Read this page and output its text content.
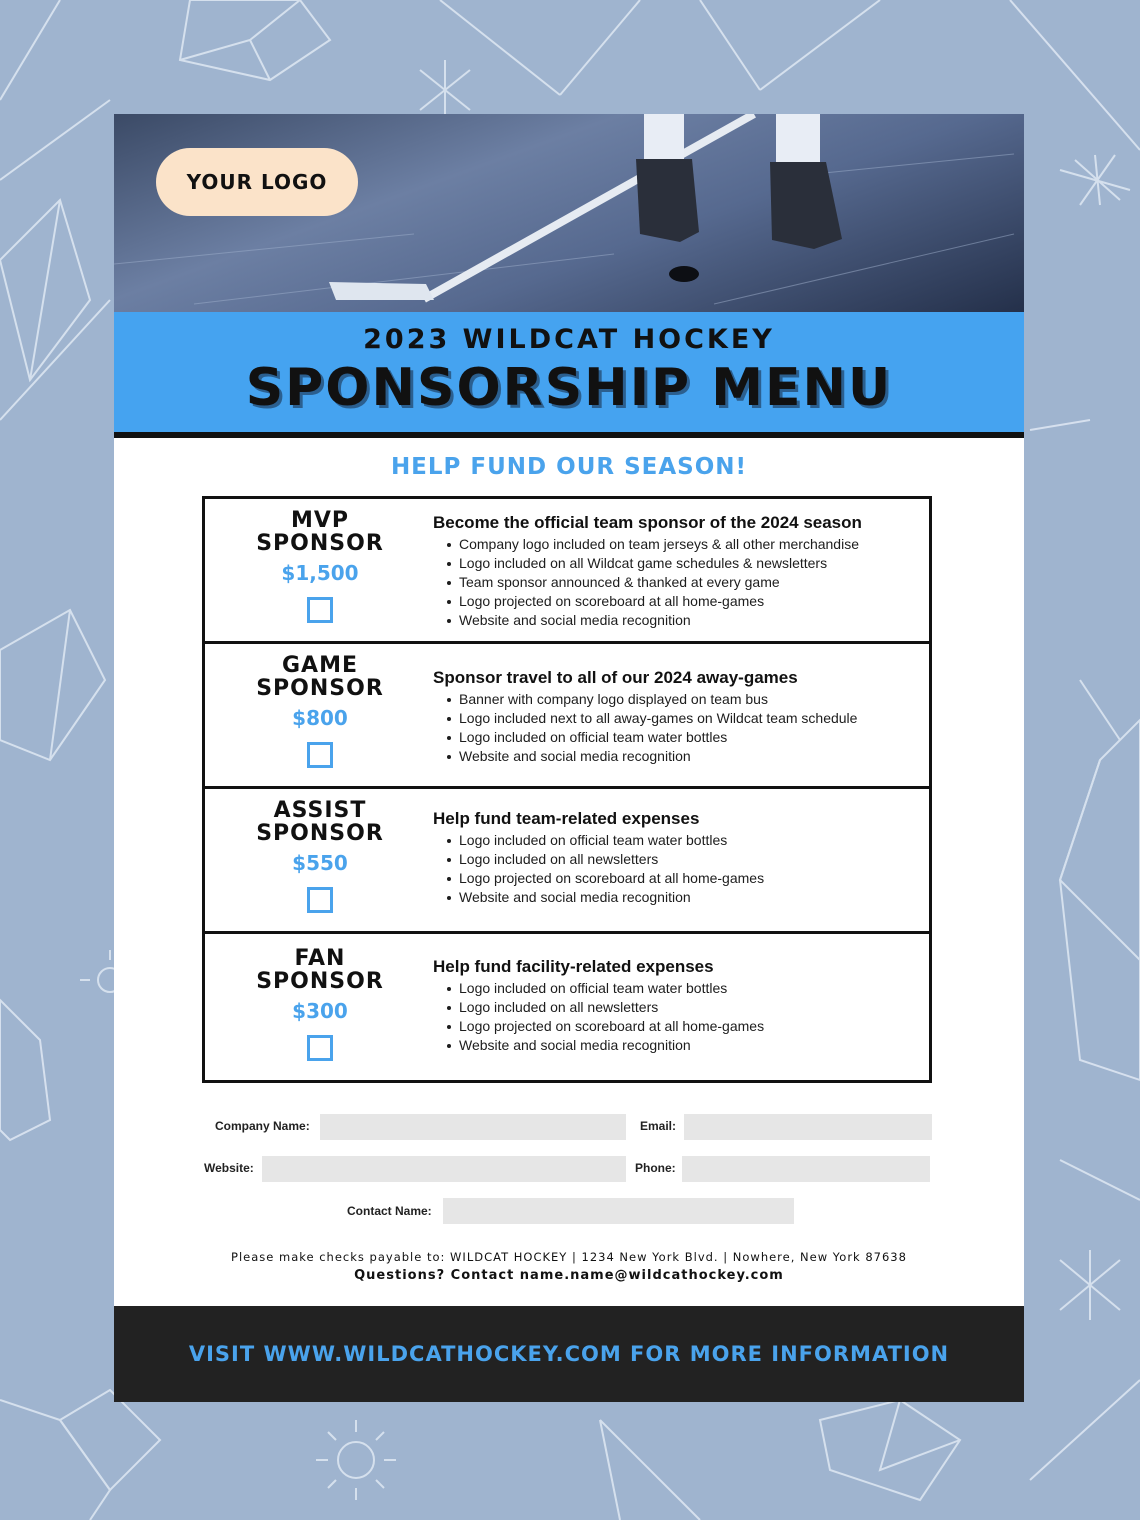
YOUR LOGO
2023 WILDCAT HOCKEY
SPONSORSHIP MENU
HELP FUND OUR SEASON!
MVP
SPONSOR
$1,500
Become the official team sponsor of the 2024 season
Company logo included on team jerseys & all other merchandise
Logo included on all Wildcat game schedules & newsletters
Team sponsor announced & thanked at every game
Logo projected on scoreboard at all home-games
Website and social media recognition
GAME
SPONSOR
$800
Sponsor travel to all of our 2024 away-games
Banner with company logo displayed on team bus
Logo included next to all away-games on Wildcat team schedule
Logo included on official team water bottles
Website and social media recognition
ASSIST
SPONSOR
$550
Help fund team-related expenses
Logo included on official team water bottles
Logo included on all newsletters
Logo projected on scoreboard at all home-games
Website and social media recognition
FAN
SPONSOR
$300
Help fund facility-related expenses
Logo included on official team water bottles
Logo included on all newsletters
Logo projected on scoreboard at all home-games
Website and social media recognition
Company Name:	Email:
Website:	Phone:
Contact Name:
Please make checks payable to: WILDCAT HOCKEY | 1234 New York Blvd. | Nowhere, New York 87638
Questions? Contact name.name@wildcathockey.com
VISIT WWW.WILDCATHOCKEY.COM FOR MORE INFORMATION
